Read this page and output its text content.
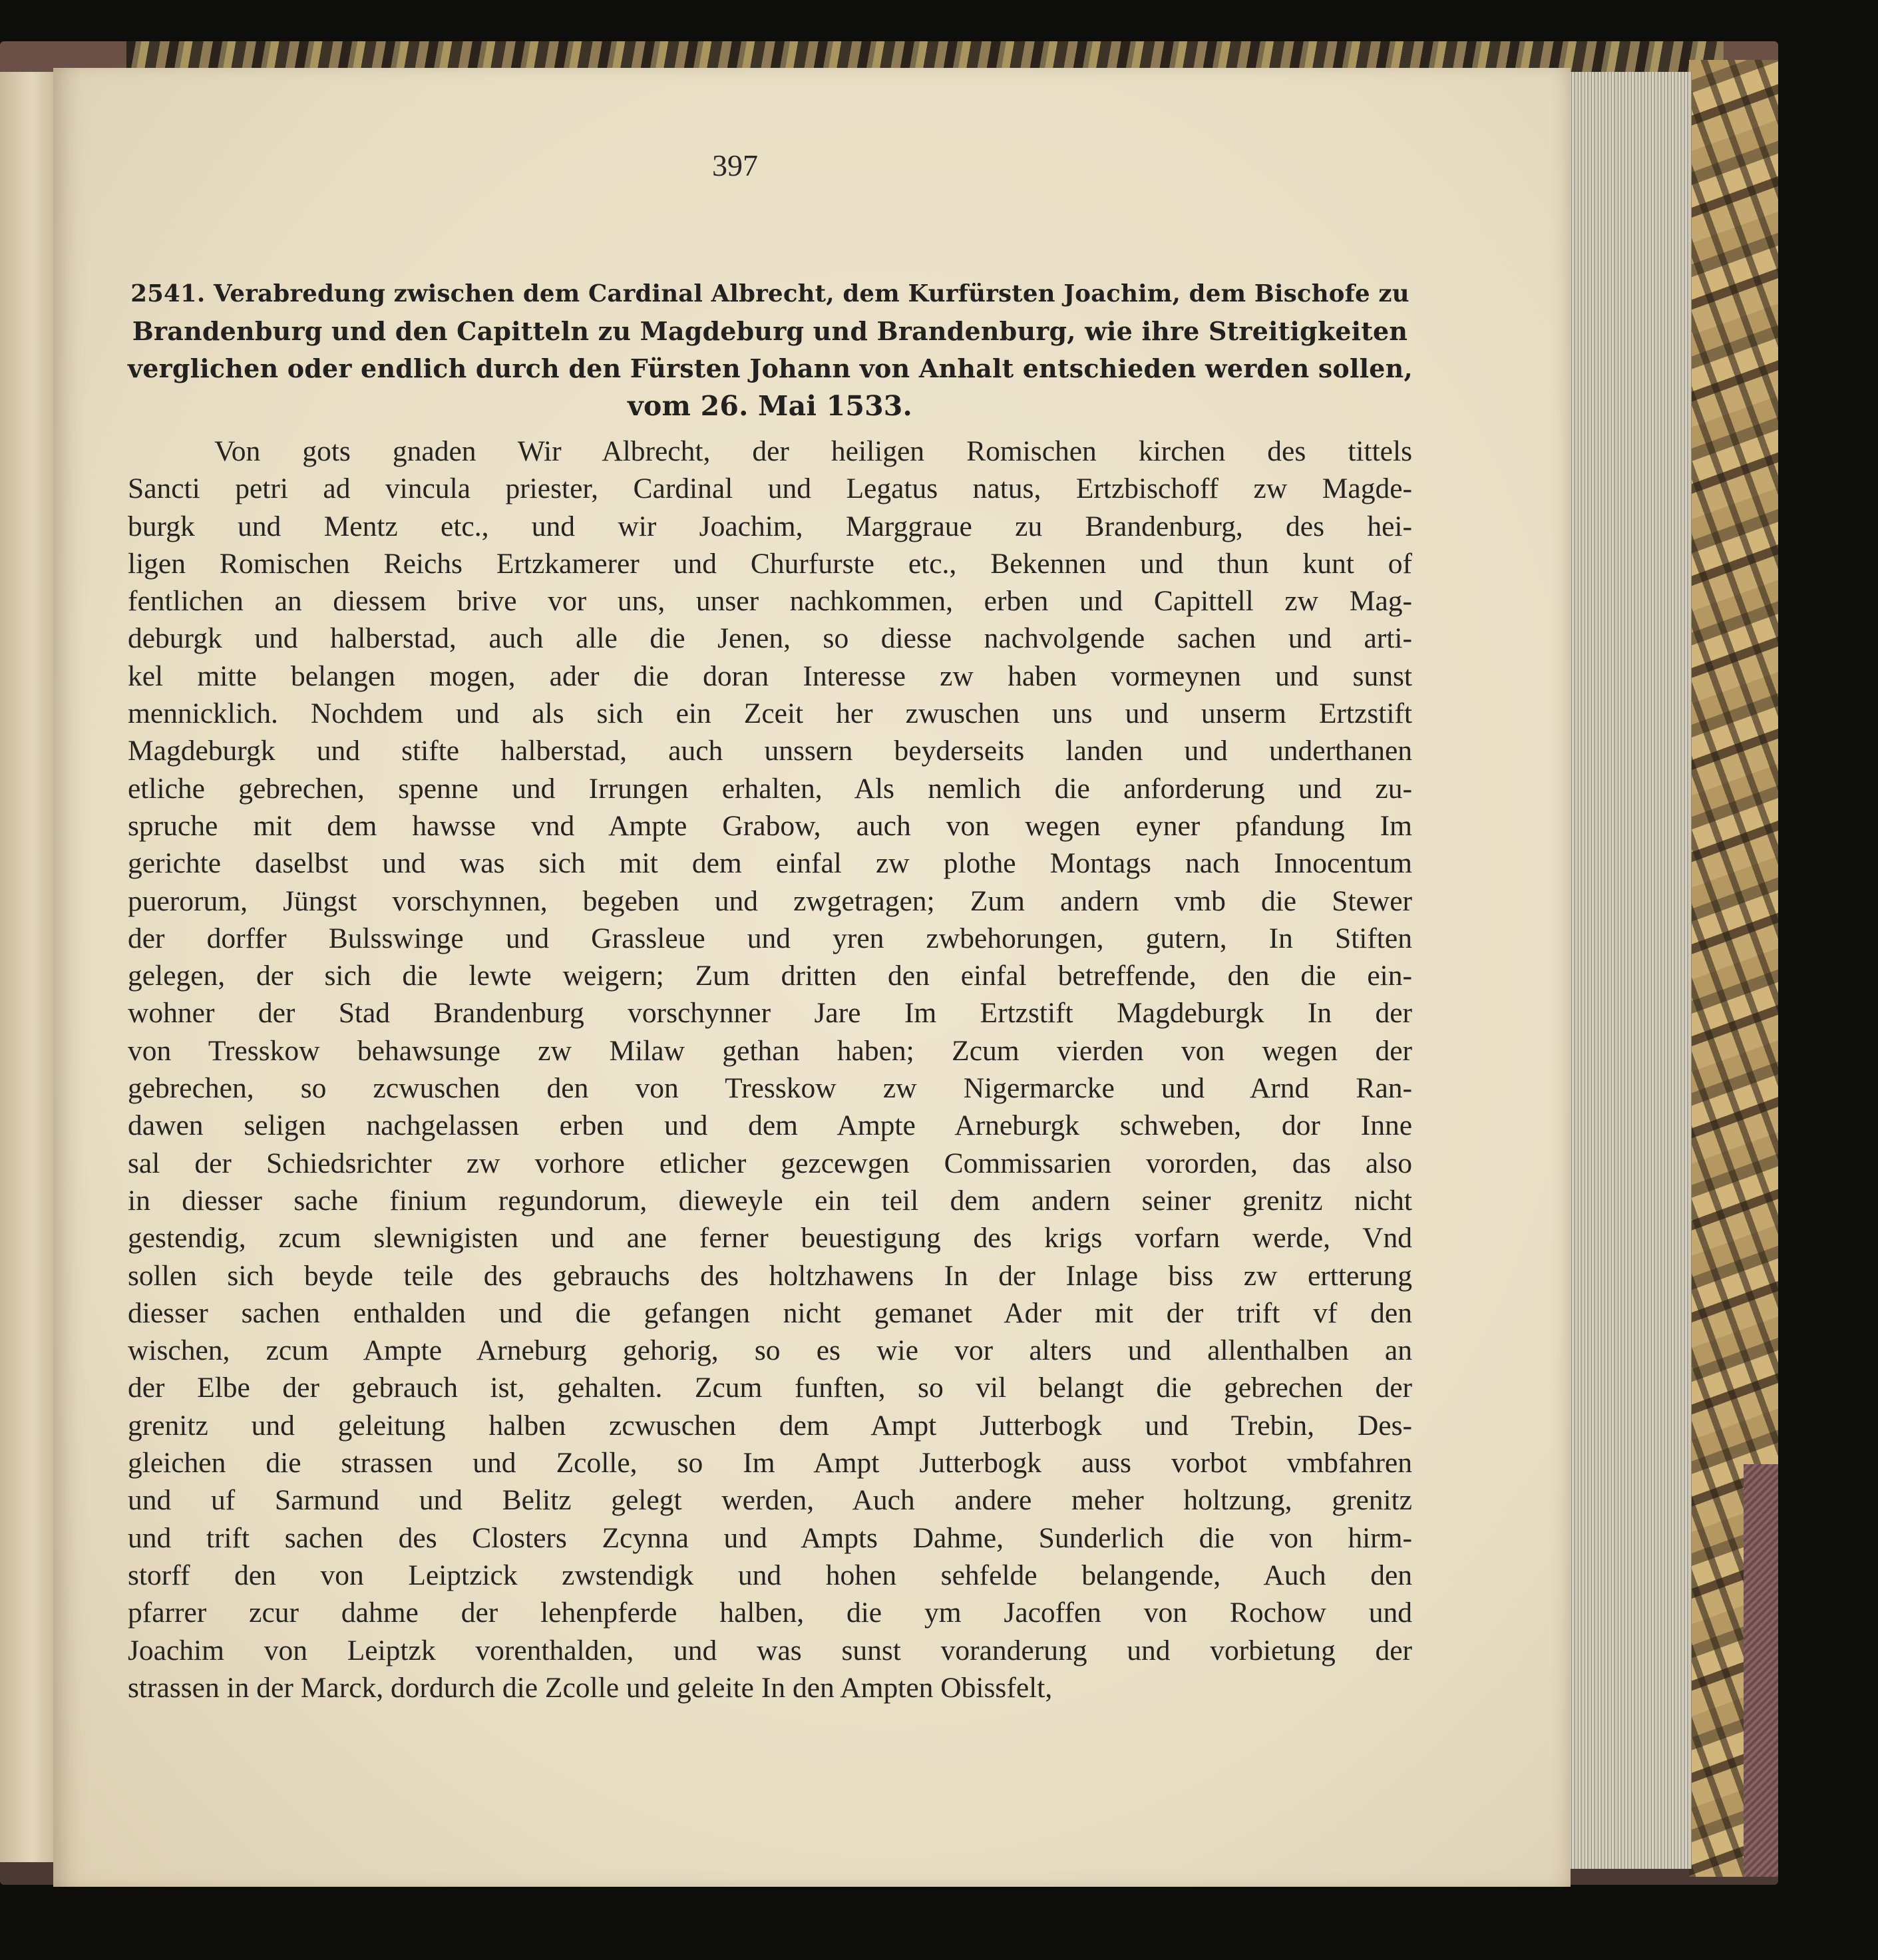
397
2541. Verabredung zwischen dem Cardinal Albrecht, dem Kurfürsten Joachim, dem Bischofe zu
Brandenburg und den Capitteln zu Magdeburg und Brandenburg, wie ihre Streitigkeiten
verglichen oder endlich durch den Fürsten Johann von Anhalt entschieden werden sollen,
vom 26. Mai 1533.
Von gots gnaden Wir Albrecht, der heiligen Romischen kirchen des tittels
Sancti petri ad vincula priester, Cardinal und Legatus natus, Ertzbischoff zw Magde-
burgk und Mentz etc., und wir Joachim, Marggraue zu Brandenburg, des hei-
ligen Romischen Reichs Ertzkamerer und Churfurste etc., Bekennen und thun kunt of
fentlichen an diessem brive vor uns, unser nachkommen, erben und Capittell zw Mag-
deburgk und halberstad, auch alle die Jenen, so diesse nachvolgende sachen und arti-
kel mitte belangen mogen, ader die doran Interesse zw haben vormeynen und sunst
mennicklich. Nochdem und als sich ein Zceit her zwuschen uns und unserm Ertzstift
Magdeburgk und stifte halberstad, auch unssern beyderseits landen und underthanen
etliche gebrechen, spenne und Irrungen erhalten, Als nemlich die anforderung und zu-
spruche mit dem hawsse vnd Ampte Grabow, auch von wegen eyner pfandung Im
gerichte daselbst und was sich mit dem einfal zw plothe Montags nach Innocentum
puerorum, Jüngst vorschynnen, begeben und zwgetragen; Zum andern vmb die Stewer
der dorffer Bulsswinge und Grassleue und yren zwbehorungen, gutern, In Stiften
gelegen, der sich die lewte weigern; Zum dritten den einfal betreffende, den die ein-
wohner der Stad Brandenburg vorschynner Jare Im Ertzstift Magdeburgk In der
von Tresskow behawsunge zw Milaw gethan haben; Zcum vierden von wegen der
gebrechen, so zcwuschen den von Tresskow zw Nigermarcke und Arnd Ran-
dawen seligen nachgelassen erben und dem Ampte Arneburgk schweben, dor Inne
sal der Schiedsrichter zw vorhore etlicher gezcewgen Commissarien vororden, das also
in diesser sache finium regundorum, dieweyle ein teil dem andern seiner grenitz nicht
gestendig, zcum slewnigisten und ane ferner beuestigung des krigs vorfarn werde, Vnd
sollen sich beyde teile des gebrauchs des holtzhawens In der Inlage biss zw ertterung
diesser sachen enthalden und die gefangen nicht gemanet Ader mit der trift vf den
wischen, zcum Ampte Arneburg gehorig, so es wie vor alters und allenthalben an
der Elbe der gebrauch ist, gehalten. Zcum funften, so vil belangt die gebrechen der
grenitz und geleitung halben zcwuschen dem Ampt Jutterbogk und Trebin, Des-
gleichen die strassen und Zcolle, so Im Ampt Jutterbogk auss vorbot vmbfahren
und uf Sarmund und Belitz gelegt werden, Auch andere meher holtzung, grenitz
und trift sachen des Closters Zcynna und Ampts Dahme, Sunderlich die von hirm-
storff den von Leiptzick zwstendigk und hohen sehfelde belangende, Auch den
pfarrer zcur dahme der lehenpferde halben, die ym Jacoffen von Rochow und
Joachim von Leiptzk vorenthalden, und was sunst voranderung und vorbietung der
strassen in der Marck, dordurch die Zcolle und geleite In den Ampten Obissfelt,
